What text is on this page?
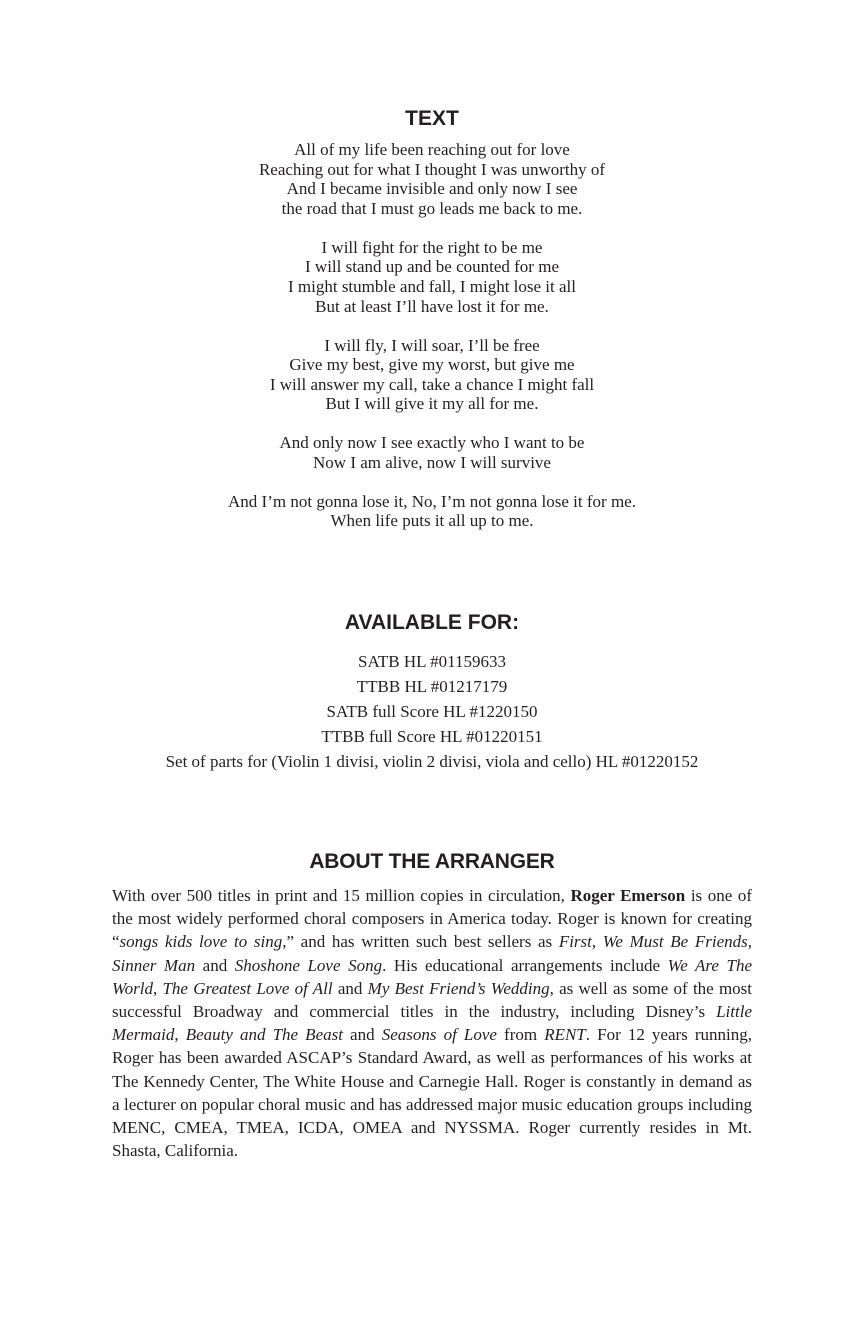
TEXT
All of my life been reaching out for love
Reaching out for what I thought I was unworthy of
And I became invisible and only now I see
the road that I must go leads me back to me.
I will fight for the right to be me
I will stand up and be counted for me
I might stumble and fall, I might lose it all
But at least I’ll have lost it for me.
I will fly, I will soar, I’ll be free
Give my best, give my worst, but give me
I will answer my call, take a chance I might fall
But I will give it my all for me.
And only now I see exactly who I want to be
Now I am alive, now I will survive
And I’m not gonna lose it, No, I’m not gonna lose it for me.
When life puts it all up to me.
AVAILABLE FOR:
SATB HL #01159633
TTBB HL #01217179
SATB full Score HL #1220150
TTBB full Score HL #01220151
Set of parts for (Violin 1 divisi, violin 2 divisi, viola and cello) HL #01220152
ABOUT THE ARRANGER

With over 500 titles in print and 15 million copies in circulation, Roger Emerson is one of the most widely performed choral composers in America today. Roger is known for creating “songs kids love to sing,” and has written such best sellers as First, We Must Be Friends, Sinner Man and Shoshone Love Song. His educational arrangements include We Are The World, The Greatest Love of All and My Best Friend’s Wedding, as well as some of the most successful Broadway and commercial titles in the industry, including Disney’s Little Mermaid, Beauty and The Beast and Seasons of Love from RENT. For 12 years running, Roger has been awarded ASCAP’s Standard Award, as well as performances of his works at The Kennedy Center, The White House and Carnegie Hall. Roger is constantly in demand as a lecturer on popular choral music and has addressed major music education groups including MENC, CMEA, TMEA, ICDA, OMEA and NYSSMA. Roger currently resides in Mt. Shasta, California.
